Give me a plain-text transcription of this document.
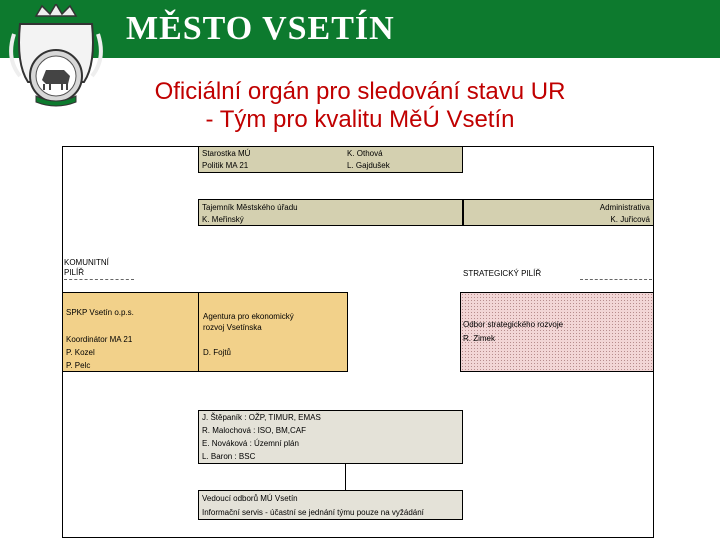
MĚSTO VSETÍN
Oficiální orgán pro sledování stavu UR
- Tým pro kvalitu MěÚ Vsetín
Starostka MÚ
Politik MA 21
K. Othová
L. Gajdušek
Tajemník Městského úřadu
K. Meřinský
Administrativa
K. Juřicová
KOMUNITNÍ
PILÍŘ	STRATEGICKÝ PILÍŘ
SPKP Vsetín o.p.s.
Koordinátor MA 21
P. Kozel
P. Pelc
Agentura pro ekonomický
rozvoj Vsetínska
D. Fojtů
Odbor strategického rozvoje
R. Zimek
J. Štěpaník : OŽP, TIMUR, EMAS
R. Malochová : ISO, BM,CAF
E. Nováková : Územní plán
L. Baron : BSC
Vedoucí odborů MÚ Vsetín
Informační servis - účastní se jednání týmu pouze na vyžádání
